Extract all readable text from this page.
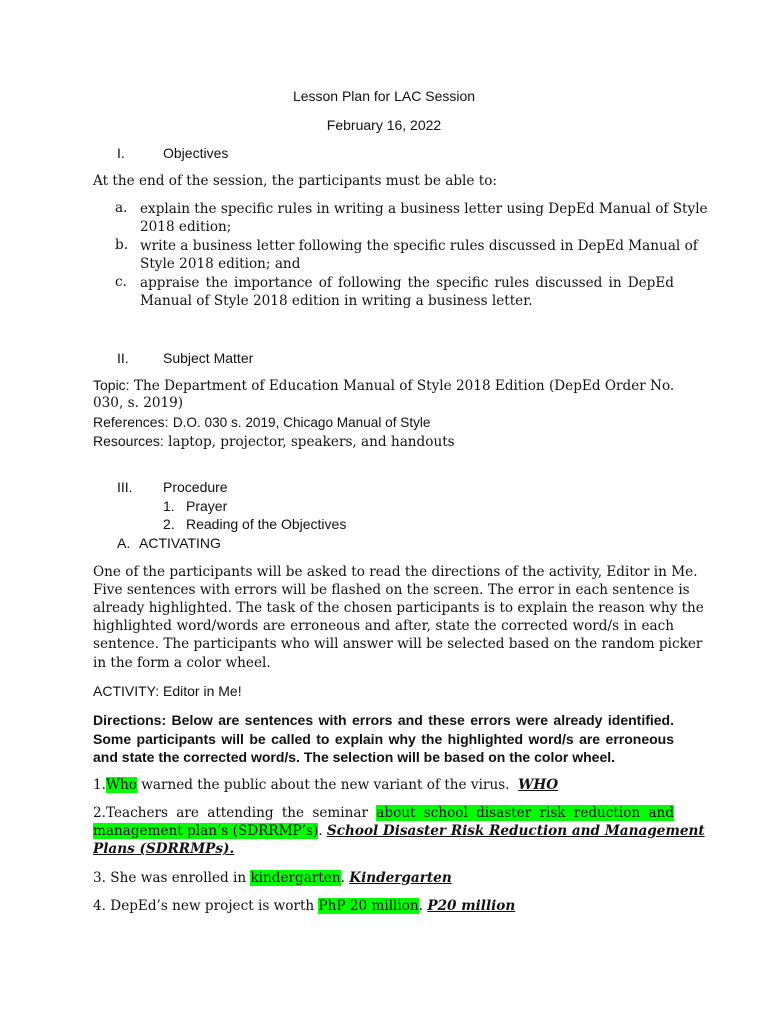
Lesson Plan for LAC Session
February 16, 2022
I.	Objectives
At the end of the session, the participants must be able to:
a. explain the specific rules in writing a business letter using DepEd Manual of Style
2018 edition;
b. write a business letter following the specific rules discussed in DepEd Manual of
Style 2018 edition; and
c. appraise the importance of following the specific rules discussed in DepEd
Manual of Style 2018 edition in writing a business letter.
II. Subject Matter
Topic: The Department of Education Manual of Style 2018 Edition (DepEd Order No.
030, s. 2019)
References: D.O. 030 s. 2019, Chicago Manual of Style
Resources: laptop, projector, speakers, and handouts
III. Procedure
1. Prayer
2. Reading of the Objectives
A. ACTIVATING
One of the participants will be asked to read the directions of the activity, Editor in Me.
Five sentences with errors will be flashed on the screen. The error in each sentence is
already highlighted. The task of the chosen participants is to explain the reason why the
highlighted word/words are erroneous and after, state the corrected word/s in each
sentence. The participants who will answer will be selected based on the random picker
in the form a color wheel.
ACTIVITY: Editor in Me!
Directions: Below are sentences with errors and these errors were already identified.
Some participants will be called to explain why the highlighted word/s are erroneous
and state the corrected word/s. The selection will be based on the color wheel.
1.Who warned the public about the new variant of the virus. WHO
2.Teachers are attending the seminar about school disaster risk reduction and
management plan’s (SDRRMP’s). School Disaster Risk Reduction and Management
Plans (SDRRMPs).
3. She was enrolled in kindergarten. Kindergarten
4. DepEd’s new project is worth PhP 20 million. P20 million
